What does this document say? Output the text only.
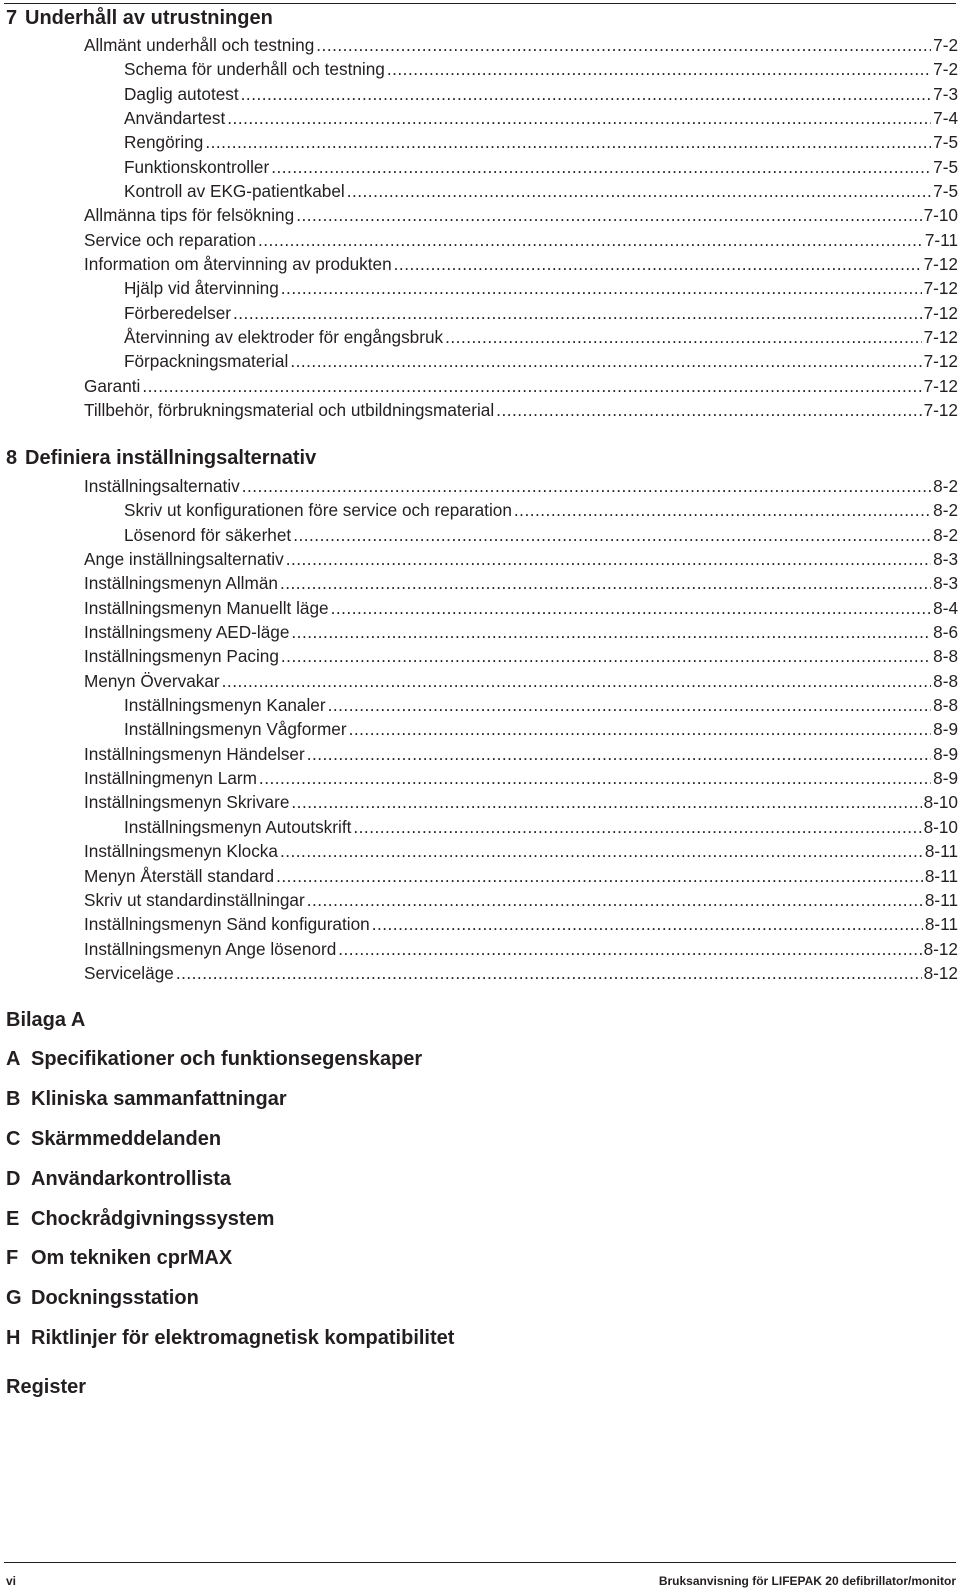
7 Underhåll av utrustningen
Allmänt underhåll och testning .....	7-2
Schema för underhåll och testning .....	7-2
Daglig autotest .....	7-3
Användartest .....	7-4
Rengöring .....	7-5
Funktionskontroller .....	7-5
Kontroll av EKG-patientkabel .....	7-5
Allmänna tips för felsökning .....	7-10
Service och reparation .....	7-11
Information om återvinning av produkten .....	7-12
Hjälp vid återvinning .....	7-12
Förberedelser .....	7-12
Återvinning av elektroder för engångsbruk .....	7-12
Förpackningsmaterial .....	7-12
Garanti .....	7-12
Tillbehör, förbrukningsmaterial och utbildningsmaterial .....	7-12
8 Definiera inställningsalternativ
Inställningsalternativ .....	8-2
Skriv ut konfigurationen före service och reparation .....	8-2
Lösenord för säkerhet .....	8-2
Ange inställningsalternativ .....	8-3
Inställningsmenyn Allmän .....	8-3
Inställningsmenyn Manuellt läge .....	8-4
Inställningsmeny AED-läge .....	8-6
Inställningsmenyn Pacing .....	8-8
Menyn Övervakar .....	8-8
Inställningsmenyn Kanaler .....	8-8
Inställningsmenyn Vågformer .....	8-9
Inställningsmenyn Händelser .....	8-9
Inställningmenyn Larm .....	8-9
Inställningsmenyn Skrivare .....	8-10
Inställningsmenyn Autoutskrift .....	8-10
Inställningsmenyn Klocka .....	8-11
Menyn Återställ standard .....	8-11
Skriv ut standardinställningar .....	8-11
Inställningsmenyn Sänd konfiguration .....	8-11
Inställningsmenyn Ange lösenord .....	8-12
Serviceläge .....	8-12
Bilaga A
A Specifikationer och funktionsegenskaper
B Kliniska sammanfattningar
C Skärmmeddelanden
D Användarkontrollista
E Chockrådgivningssystem
F Om tekniken cprMAX
G Dockningsstation
H Riktlinjer för elektromagnetisk kompatibilitet
Register
vi	Bruksanvisning för LIFEPAK 20 defibrillator/monitor
